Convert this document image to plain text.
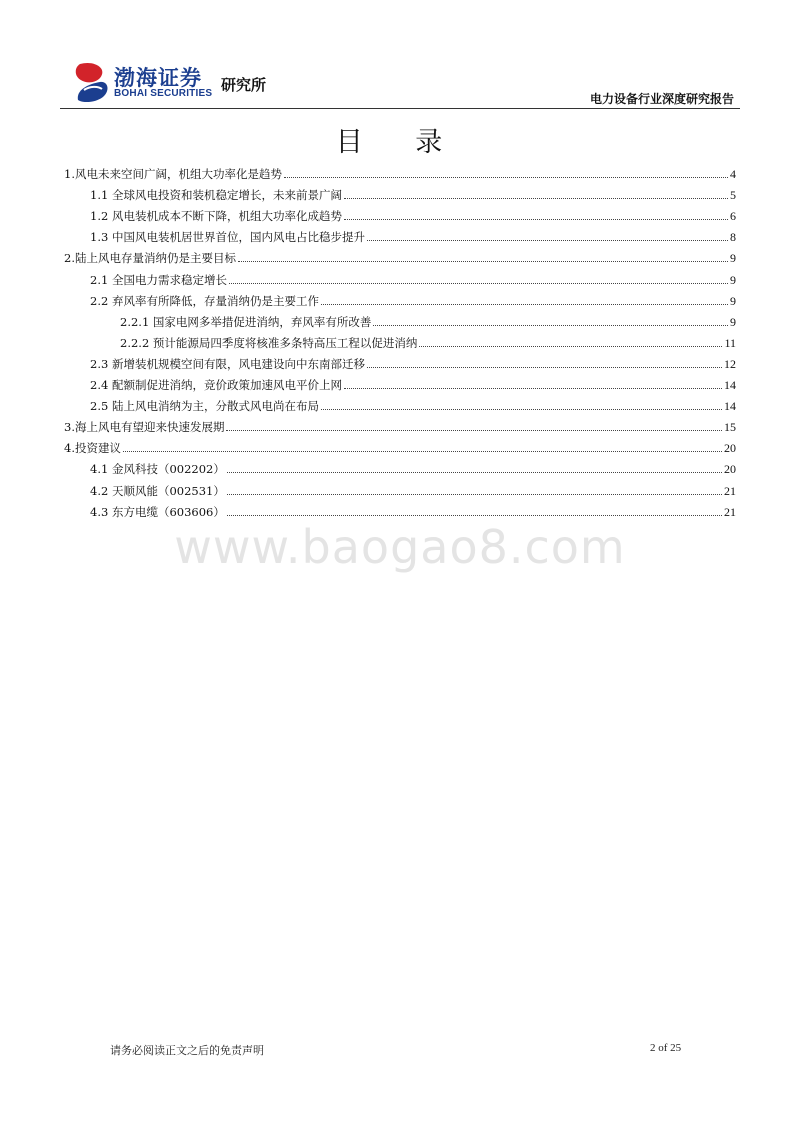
渤海证券
BOHAI SECURITIES 研究所
电力设备行业深度研究报告
目 录
1.风电未来空间广阔，机组大功率化是趋势	4
1.1 全球风电投资和装机稳定增长，未来前景广阔	5
1.2 风电装机成本不断下降，机组大功率化成趋势	6
1.3 中国风电装机居世界首位，国内风电占比稳步提升	8
2.陆上风电存量消纳仍是主要目标	9
2.1 全国电力需求稳定增长	9
2.2 弃风率有所降低，存量消纳仍是主要工作	9
2.2.1 国家电网多举措促进消纳，弃风率有所改善	9
2.2.2 预计能源局四季度将核准多条特高压工程以促进消纳	11
2.3 新增装机规模空间有限，风电建设向中东南部迁移	12
2.4 配额制促进消纳，竞价政策加速风电平价上网	14
2.5 陆上风电消纳为主，分散式风电尚在布局	14
3.海上风电有望迎来快速发展期	15
4.投资建议	20
4.1 金风科技（002202）	20
4.2 天顺风能（002531）	21
4.3 东方电缆（603606）	21
www.baogao8.com
请务必阅读正文之后的免责声明	2 of 25
